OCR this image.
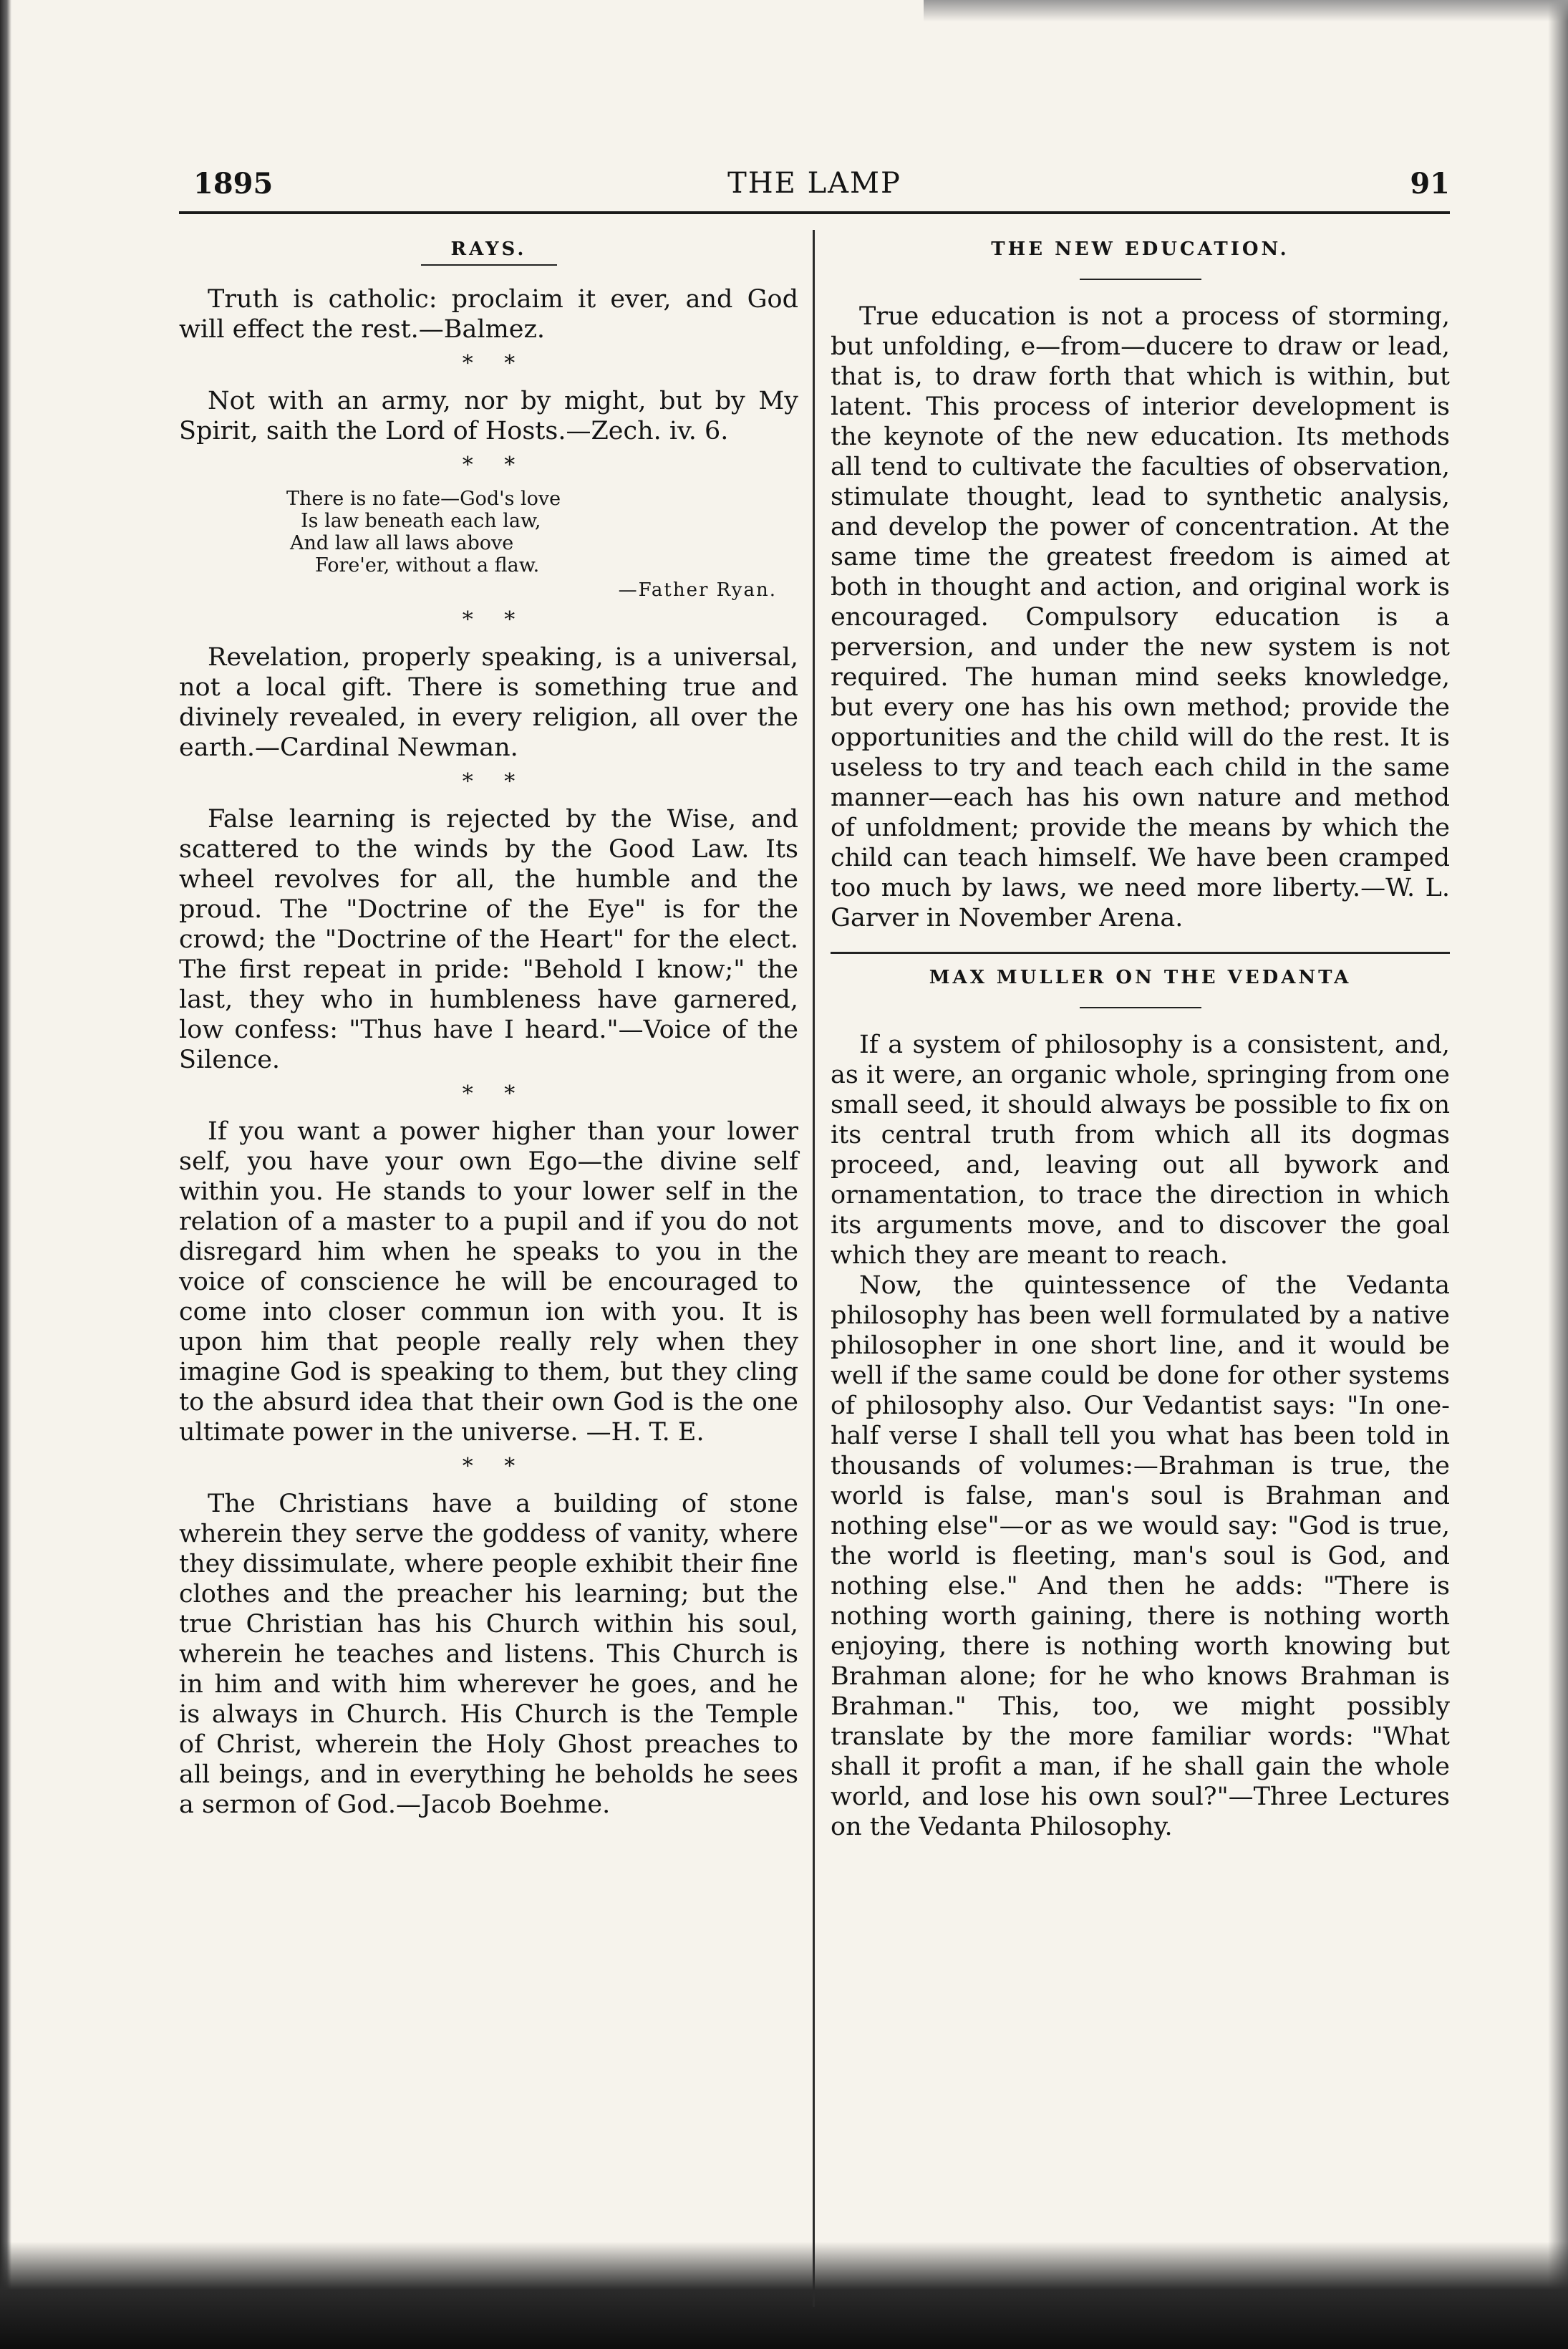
1895	THE LAMP	91
RAYS.

Truth is catholic: proclaim it ever, and God will effect the rest.—Balmez.

* *

Not with an army, nor by might, but by My Spirit, saith the Lord of Hosts.—Zech. iv. 6.

* *
There is no fate—God's love
Is law beneath each law,
And law all laws above
Fore'er, without a flaw.
—Father Ryan.
* *

Revelation, properly speaking, is a universal, not a local gift. There is something true and divinely revealed, in every religion, all over the earth.—Cardinal Newman.

* *

False learning is rejected by the Wise, and scattered to the winds by the Good Law. Its wheel revolves for all, the humble and the proud. The "Doctrine of the Eye" is for the crowd; the "Doctrine of the Heart" for the elect. The first repeat in pride: "Behold I know;" the last, they who in humbleness have garnered, low confess: "Thus have I heard."—Voice of the Silence.

* *

If you want a power higher than your lower self, you have your own Ego—the divine self within you. He stands to your lower self in the relation of a master to a pupil and if you do not disregard him when he speaks to you in the voice of conscience he will be encouraged to come into closer commun ion with you. It is upon him that people really rely when they imagine God is speaking to them, but they cling to the absurd idea that their own God is the one ultimate power in the universe. —H. T. E.

* *

The Christians have a building of stone wherein they serve the goddess of vanity, where they dissimulate, where people exhibit their fine clothes and the preacher his learning; but the true Christian has his Church within his soul, wherein he teaches and listens. This Church is in him and with him wherever he goes, and he is always in Church. His Church is the Temple of Christ, wherein the Holy Ghost preaches to all beings, and in everything he beholds he sees a sermon of God.—Jacob Boehme.

THE NEW EDUCATION.

True education is not a process of storming, but unfolding, e—from—ducere to draw or lead, that is, to draw forth that which is within, but latent. This process of interior development is the keynote of the new education. Its methods all tend to cultivate the faculties of observation, stimulate thought, lead to synthetic analysis, and develop the power of concentration. At the same time the greatest freedom is aimed at both in thought and action, and original work is encouraged. Compulsory education is a perversion, and under the new system is not required. The human mind seeks knowledge, but every one has his own method; provide the opportunities and the child will do the rest. It is useless to try and teach each child in the same manner—each has his own nature and method of unfoldment; provide the means by which the child can teach himself. We have been cramped too much by laws, we need more liberty.—W. L. Garver in November Arena.

MAX MULLER ON THE VEDANTA

If a system of philosophy is a consistent, and, as it were, an organic whole, springing from one small seed, it should always be possible to fix on its central truth from which all its dogmas proceed, and, leaving out all bywork and ornamentation, to trace the direction in which its arguments move, and to discover the goal which they are meant to reach.

Now, the quintessence of the Vedanta philosophy has been well formulated by a native philosopher in one short line, and it would be well if the same could be done for other systems of philosophy also. Our Vedantist says: "In one-half verse I shall tell you what has been told in thousands of volumes:—Brahman is true, the world is false, man's soul is Brahman and nothing else"—or as we would say: "God is true, the world is fleeting, man's soul is God, and nothing else." And then he adds: "There is nothing worth gaining, there is nothing worth enjoying, there is nothing worth knowing but Brahman alone; for he who knows Brahman is Brahman." This, too, we might possibly translate by the more familiar words: "What shall it profit a man, if he shall gain the whole world, and lose his own soul?"—Three Lectures on the Vedanta Philosophy.
